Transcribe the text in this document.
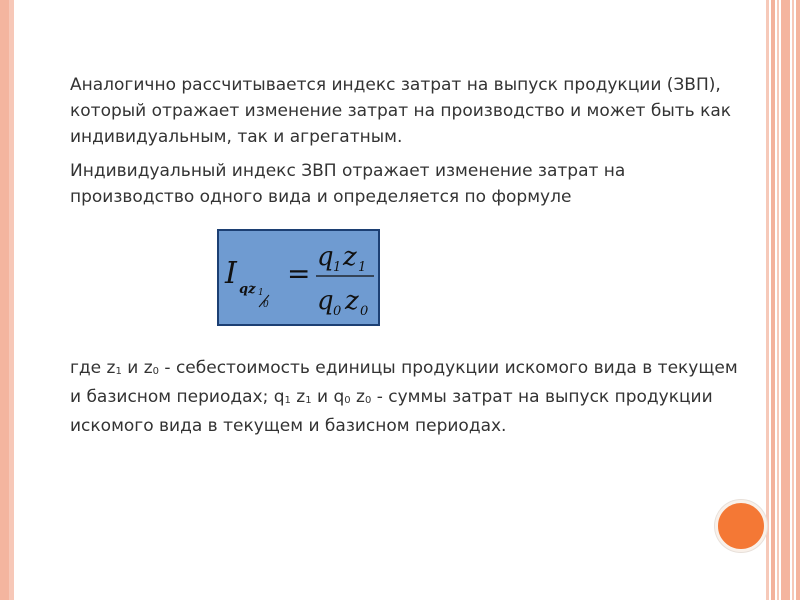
Аналогично рассчитывается индекс затрат на выпуск продукции (ЗВП), который отражает изменение затрат на производство и может быть как индивидуальным, так и агрегатным.

Индивидуальный индекс ЗВП отражает изменение затрат на производство одного вида и определяется по формуле

I qz 1
0
= q 1 z 1
q 0 z 0

где $z_1$ и $z_0$ - себестоимость единицы продукции искомого вида в текущем и базисном периодах; $q_1$ $z_1$ и $q_0$ $z_0$ - суммы затрат на выпуск продукции искомого вида в текущем и базисном периодах.
